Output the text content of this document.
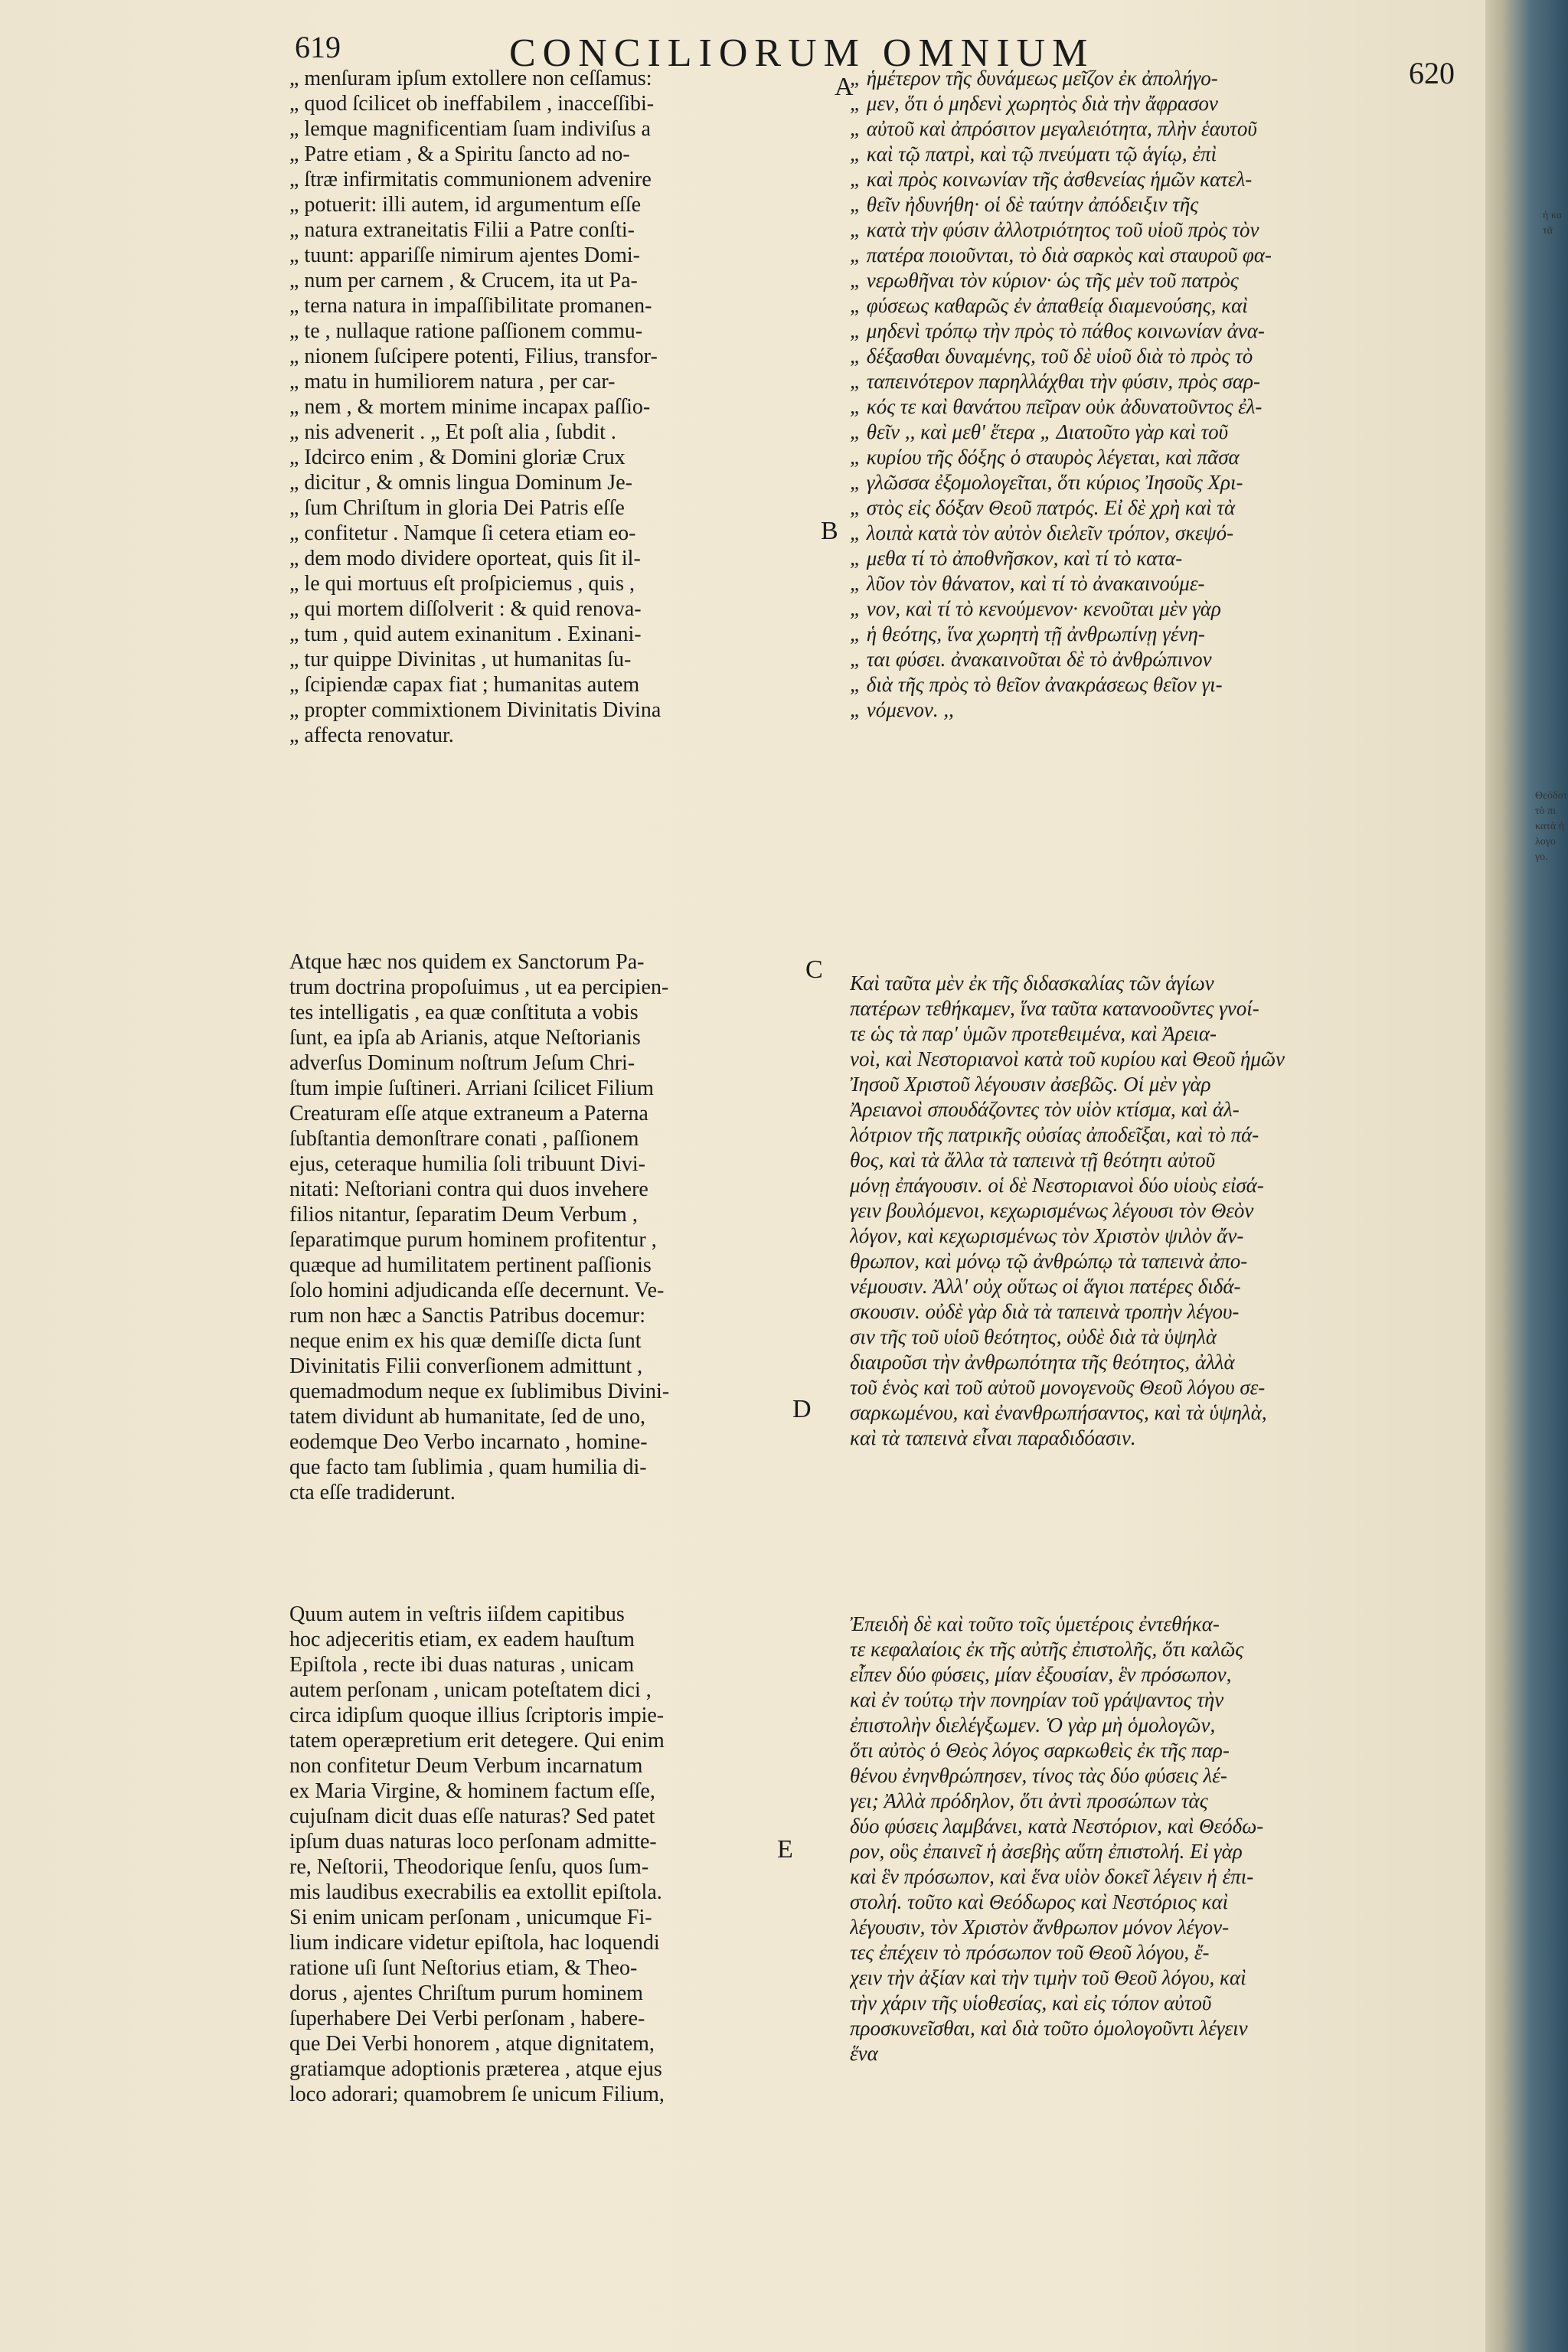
619	CONCILIORUM OMNIUM	620
A
B
C
D
E
„ menſuram ipſum extollere non ceſſamus:
„ quod ſcilicet ob ineffabilem , inacceſſibi-
„ lemque magnificentiam ſuam indiviſus a
„ Patre etiam , & a Spiritu ſancto ad no-
„ ſtræ infirmitatis communionem advenire
„ potuerit: illi autem, id argumentum eſſe
„ natura extraneitatis Filii a Patre conſti-
„ tuunt: appariſſe nimirum ajentes Domi-
„ num per carnem , & Crucem, ita ut Pa-
„ terna natura in impaſſibilitate promanen-
„ te , nullaque ratione paſſionem commu-
„ nionem ſuſcipere potenti, Filius, transfor-
„ matu in humiliorem natura , per car-
„ nem , & mortem minime incapax paſſio-
„ nis advenerit . „ Et poſt alia , ſubdit .
„ Idcirco enim , & Domini gloriæ Crux
„ dicitur , & omnis lingua Dominum Je-
„ ſum Chriſtum in gloria Dei Patris eſſe
„ confitetur . Namque ſi cetera etiam eo-
„ dem modo dividere oporteat, quis ſit il-
„ le qui mortuus eſt proſpiciemus , quis ,
„ qui mortem diſſolverit : & quid renova-
„ tum , quid autem exinanitum . Exinani-
„ tur quippe Divinitas , ut humanitas ſu-
„ ſcipiendæ capax fiat ; humanitas autem
„ propter commixtionem Divinitatis Divina
„ affecta renovatur.
Atque hæc nos quidem ex Sanctorum Pa-
trum doctrina propoſuimus , ut ea percipien-
tes intelligatis , ea quæ conſtituta a vobis
ſunt, ea ipſa ab Arianis, atque Neſtorianis
adverſus Dominum noſtrum Jeſum Chri-
ſtum impie ſuſtineri. Arriani ſcilicet Filium
Creaturam eſſe atque extraneum a Paterna
ſubſtantia demonſtrare conati , paſſionem
ejus, ceteraque humilia ſoli tribuunt Divi-
nitati: Neſtoriani contra qui duos invehere
filios nitantur, ſeparatim Deum Verbum ,
ſeparatimque purum hominem profitentur ,
quæque ad humilitatem pertinent paſſionis
ſolo homini adjudicanda eſſe decernunt. Ve-
rum non hæc a Sanctis Patribus docemur:
neque enim ex his quæ demiſſe dicta ſunt
Divinitatis Filii converſionem admittunt ,
quemadmodum neque ex ſublimibus Divini-
tatem dividunt ab humanitate, ſed de uno,
eodemque Deo Verbo incarnato , homine-
que facto tam ſublimia , quam humilia di-
cta eſſe tradiderunt.
Quum autem in veſtris iiſdem capitibus
hoc adjeceritis etiam, ex eadem hauſtum
Epiſtola , recte ibi duas naturas , unicam
autem perſonam , unicam poteſtatem dici ,
circa idipſum quoque illius ſcriptoris impie-
tatem operæpretium erit detegere. Qui enim
non confitetur Deum Verbum incarnatum
ex Maria Virgine, & hominem factum eſſe,
cujuſnam dicit duas eſſe naturas? Sed patet
ipſum duas naturas loco perſonam admitte-
re, Neſtorii, Theodorique ſenſu, quos ſum-
mis laudibus execrabilis ea extollit epiſtola.
Si enim unicam perſonam , unicumque Fi-
lium indicare videtur epiſtola, hac loquendi
ratione uſi ſunt Neſtorius etiam, & Theo-
dorus , ajentes Chriſtum purum hominem
ſuperhabere Dei Verbi perſonam , habere-
que Dei Verbi honorem , atque dignitatem,
gratiamque adoptionis præterea , atque ejus
loco adorari; quamobrem ſe unicum Filium,
„ ἡμέτερον τῆς δυνάμεως μεῖζον ἐκ ἀπολήγο-
„ μεν, ὅτι ὁ μηδενὶ χωρητὸς διὰ τὴν ἄφρασον
„ αὐτοῦ καὶ ἀπρόσιτον μεγαλειότητα, πλὴν ἑαυτοῦ
„ καὶ τῷ πατρὶ, καὶ τῷ πνεύματι τῷ ἁγίῳ, ἐπὶ
„ καὶ πρὸς κοινωνίαν τῆς ἀσθενείας ἡμῶν κατελ-
„ θεῖν ἠδυνήθη· οἱ δὲ ταύτην ἀπόδειξιν τῆς
„ κατὰ τὴν φύσιν ἀλλοτριότητος τοῦ υἱοῦ πρὸς τὸν
„ πατέρα ποιοῦνται, τὸ διὰ σαρκὸς καὶ σταυροῦ φα-
„ νερωθῆναι τὸν κύριον· ὡς τῆς μὲν τοῦ πατρὸς
„ φύσεως καθαρῶς ἐν ἀπαθείᾳ διαμενούσης, καὶ
„ μηδενὶ τρόπῳ τὴν πρὸς τὸ πάθος κοινωνίαν ἀνα-
„ δέξασθαι δυναμένης, τοῦ δὲ υἱοῦ διὰ τὸ πρὸς τὸ
„ ταπεινότερον παρηλλάχθαι τὴν φύσιν, πρὸς σαρ-
„ κός τε καὶ θανάτου πεῖραν οὐκ ἀδυνατοῦντος ἐλ-
„ θεῖν ,, καὶ μεθ' ἕτερα „ Διατοῦτο γὰρ καὶ τοῦ
„ κυρίου τῆς δόξης ὁ σταυρὸς λέγεται, καὶ πᾶσα
„ γλῶσσα ἐξομολογεῖται, ὅτι κύριος Ἰησοῦς Χρι-
„ στὸς εἰς δόξαν Θεοῦ πατρός. Εἰ δὲ χρὴ καὶ τὰ
„ λοιπὰ κατὰ τὸν αὐτὸν διελεῖν τρόπον, σκεψό-
„ μεθα τί τὸ ἀποθνῆσκον, καὶ τί τὸ κατα-
„ λῦον τὸν θάνατον, καὶ τί τὸ ἀνακαινούμε-
„ νον, καὶ τί τὸ κενούμενον· κενοῦται μὲν γὰρ
„ ἡ θεότης, ἵνα χωρητὴ τῇ ἀνθρωπίνῃ γένη-
„ ται φύσει. ἀνακαινοῦται δὲ τὸ ἀνθρώπινον
„ διὰ τῆς πρὸς τὸ θεῖον ἀνακράσεως θεῖον γι-
„ νόμενον. ,,
Καὶ ταῦτα μὲν ἐκ τῆς διδασκαλίας τῶν ἁγίων
πατέρων τεθήκαμεν, ἵνα ταῦτα κατανοοῦντες γνοί-
τε ὡς τὰ παρ' ὑμῶν προτεθειμένα, καὶ Ἀρεια-
νοὶ, καὶ Νεστοριανοὶ κατὰ τοῦ κυρίου καὶ Θεοῦ ἡμῶν
Ἰησοῦ Χριστοῦ λέγουσιν ἀσεβῶς. Οἱ μὲν γὰρ
Ἀρειανοὶ σπουδάζοντες τὸν υἱὸν κτίσμα, καὶ ἀλ-
λότριον τῆς πατρικῆς οὐσίας ἀποδεῖξαι, καὶ τὸ πά-
θος, καὶ τὰ ἄλλα τὰ ταπεινὰ τῇ θεότητι αὐτοῦ
μόνῃ ἐπάγουσιν. οἱ δὲ Νεστοριανοὶ δύο υἱοὺς εἰσά-
γειν βουλόμενοι, κεχωρισμένως λέγουσι τὸν Θεὸν
λόγον, καὶ κεχωρισμένως τὸν Χριστὸν ψιλὸν ἄν-
θρωπον, καὶ μόνῳ τῷ ἀνθρώπῳ τὰ ταπεινὰ ἀπο-
νέμουσιν. Ἀλλ' οὐχ οὕτως οἱ ἅγιοι πατέρες διδά-
σκουσιν. οὐδὲ γὰρ διὰ τὰ ταπεινὰ τροπὴν λέγου-
σιν τῆς τοῦ υἱοῦ θεότητος, οὐδὲ διὰ τὰ ὑψηλὰ
διαιροῦσι τὴν ἀνθρωπότητα τῆς θεότητος, ἀλλὰ
τοῦ ἑνὸς καὶ τοῦ αὐτοῦ μονογενοῦς Θεοῦ λόγου σε-
σαρκωμένου, καὶ ἐνανθρωπήσαντος, καὶ τὰ ὑψηλὰ,
καὶ τὰ ταπεινὰ εἶναι παραδιδόασιν.
Ἐπειδὴ δὲ καὶ τοῦτο τοῖς ὑμετέροις ἐντεθήκα-
τε κεφαλαίοις ἐκ τῆς αὐτῆς ἐπιστολῆς, ὅτι καλῶς
εἶπεν δύο φύσεις, μίαν ἐξουσίαν, ἓν πρόσωπον,
καὶ ἐν τούτῳ τὴν πονηρίαν τοῦ γράψαντος τὴν
ἐπιστολὴν διελέγξωμεν. Ὁ γὰρ μὴ ὁμολογῶν,
ὅτι αὐτὸς ὁ Θεὸς λόγος σαρκωθεὶς ἐκ τῆς παρ-
θένου ἐνηνθρώπησεν, τίνος τὰς δύο φύσεις λέ-
γει; Ἀλλὰ πρόδηλον, ὅτι ἀντὶ προσώπων τὰς
δύο φύσεις λαμβάνει, κατὰ Νεστόριον, καὶ Θεόδω-
ρον, οὓς ἐπαινεῖ ἡ ἀσεβὴς αὕτη ἐπιστολή. Εἰ γὰρ
καὶ ἓν πρόσωπον, καὶ ἕνα υἱὸν δοκεῖ λέγειν ἡ ἐπι-
στολή. τοῦτο καὶ Θεόδωρος καὶ Νεστόριος καὶ
λέγουσιν, τὸν Χριστὸν ἄνθρωπον μόνον λέγον-
τες ἐπέχειν τὸ πρόσωπον τοῦ Θεοῦ λόγου, ἔ-
χειν τὴν ἀξίαν καὶ τὴν τιμὴν τοῦ Θεοῦ λόγου, καὶ
τὴν χάριν τῆς υἱοθεσίας, καὶ εἰς τόπον αὐτοῦ
προσκυνεῖσθαι, καὶ διὰ τοῦτο ὁμολογοῦντι λέγειν
ἕνα
ἡ κα
τᾶ
Θεόδοτ
τὸ πι
κατὰ ἡ
λογο
γο.
